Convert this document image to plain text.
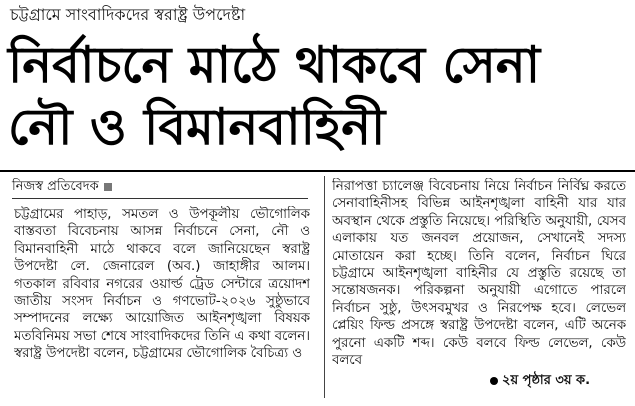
চট্টগ্রামে সাংবাদিকদের স্বরাষ্ট্র উপদেষ্টা
নির্বাচনে মাঠে থাকবে সেনা
নৌ ও বিমানবাহিনী
নিজস্ব প্রতিবেদক

চট্টগ্রামের পাহাড়, সমতল ও উপকূলীয় ভৌগোলিক বাস্তবতা বিবেচনায় আসন্ন নির্বাচনে সেনা, নৌ ও বিমানবাহিনী মাঠে থাকবে বলে জানিয়েছেন স্বরাষ্ট্র উপদেষ্টা লে. জেনারেল (অব.) জাহাঙ্গীর আলম। গতকাল রবিবার নগরের ওয়ার্ল্ড ট্রেড সেন্টারে ত্রয়োদশ জাতীয় সংসদ নির্বাচন ও গণভোট-২০২৬ সুষ্ঠুভাবে সম্পাদনের লক্ষ্যে আয়োজিত আইনশৃঙ্খলা বিষয়ক মতবিনিময় সভা শেষে সাংবাদিকদের তিনি এ কথা বলেন। স্বরাষ্ট্র উপদেষ্টা বলেন, চট্টগ্রামের ভৌগোলিক বৈচিত্র্য ও

নিরাপত্তা চ্যালেঞ্জ বিবেচনায় নিয়ে নির্বাচন নির্বিঘ্ন করতে সেনাবাহিনীসহ বিভিন্ন আইনশৃঙ্খলা বাহিনী যার যার অবস্থান থেকে প্রস্তুতি নিয়েছে। পরিস্থিতি অনুযায়ী, যেসব এলাকায় যত জনবল প্রয়োজন, সেখানেই সদস্য মোতায়েন করা হচ্ছে। তিনি বলেন, নির্বাচন ঘিরে চট্টগ্রামে আইনশৃঙ্খলা বাহিনীর যে প্রস্তুতি রয়েছে তা সন্তোষজনক। পরিকল্পনা অনুযায়ী এগোতে পারলে নির্বাচন সুষ্ঠু, উৎসবমুখর ও নিরপেক্ষ হবে। লেভেল প্লেয়িং ফিল্ড প্রসঙ্গে স্বরাষ্ট্র উপদেষ্টা বলেন, এটি অনেক পুরনো একটি শব্দ। কেউ বলবে ফিল্ড লেভেল, কেউ বলবে

২য় পৃষ্ঠার ৩য় ক.
